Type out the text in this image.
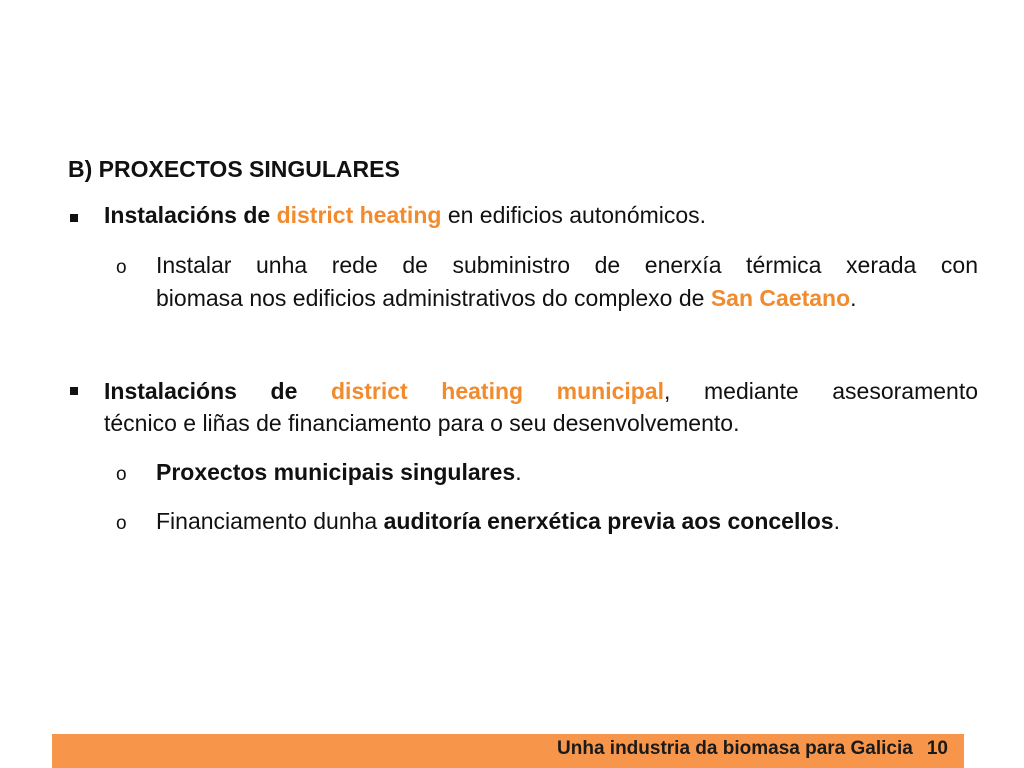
B) PROXECTOS SINGULARES
Instalacións de district heating en edificios autonómicos.
o Instalar unha rede de subministro de enerxía térmica xerada con
biomasa nos edificios administrativos do complexo de San Caetano.
Instalacións de district heating municipal, mediante asesoramento
técnico e liñas de financiamento para o seu desenvolvemento.
o Proxectos municipais singulares.
o Financiamento dunha auditoría enerxética previa aos concellos.
Unha industria da biomasa para Galicia 10
